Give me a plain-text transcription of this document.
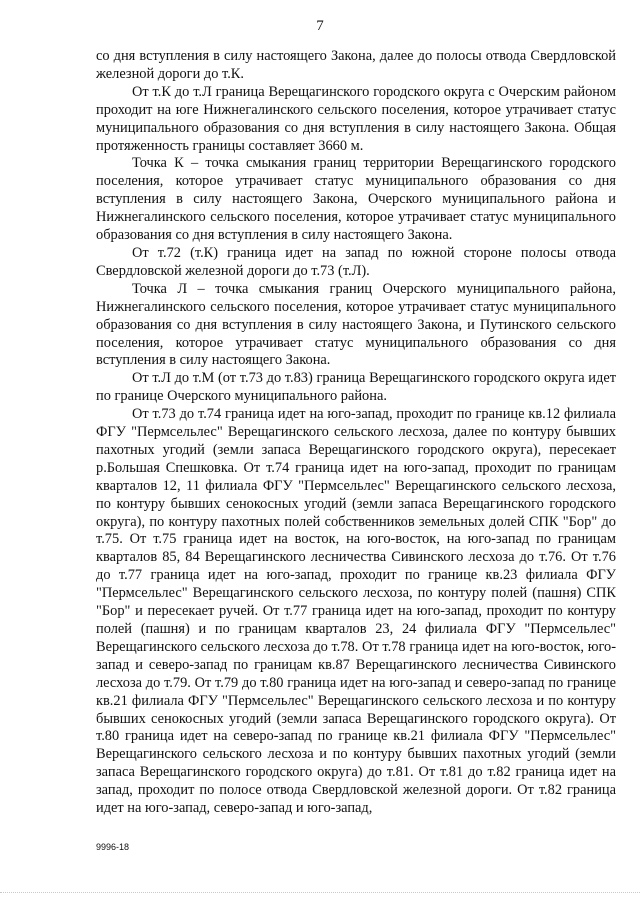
7

со дня вступления в силу настоящего Закона, далее до полосы отвода Свердловской железной дороги до т.К.

От т.К до т.Л граница Верещагинского городского округа с Очерским районом проходит на юге Нижнегалинского сельского поселения, которое утрачивает статус муниципального образования со дня вступления в силу настоящего Закона. Общая протяженность границы составляет 3660 м.

Точка К – точка смыкания границ территории Верещагинского городского поселения, которое утрачивает статус муниципального образования со дня вступления в силу настоящего Закона, Очерского муниципального района и Нижнегалинского сельского поселения, которое утрачивает статус муниципального образования со дня вступления в силу настоящего Закона.

От т.72 (т.К) граница идет на запад по южной стороне полосы отвода Свердловской железной дороги до т.73 (т.Л).

Точка Л – точка смыкания границ Очерского муниципального района, Нижнегалинского сельского поселения, которое утрачивает статус муниципального образования со дня вступления в силу настоящего Закона, и Путинского сельского поселения, которое утрачивает статус муниципального образования со дня вступления в силу настоящего Закона.

От т.Л до т.М (от т.73 до т.83) граница Верещагинского городского округа идет по границе Очерского муниципального района.

От т.73 до т.74 граница идет на юго-запад, проходит по границе кв.12 филиала ФГУ "Пермсельлес" Верещагинского сельского лесхоза, далее по контуру бывших пахотных угодий (земли запаса Верещагинского городского округа), пересекает р.Большая Спешковка. От т.74 граница идет на юго-запад, проходит по границам кварталов 12, 11 филиала ФГУ "Пермсельлес" Верещагинского сельского лесхоза, по контуру бывших сенокосных угодий (земли запаса Верещагинского городского округа), по контуру пахотных полей собственников земельных долей СПК "Бор" до т.75. От т.75 граница идет на восток, на юго-восток, на юго-запад по границам кварталов 85, 84 Верещагинского лесничества Сивинского лесхоза до т.76. От т.76 до т.77 граница идет на юго-запад, проходит по границе кв.23 филиала ФГУ "Пермсельлес" Верещагинского сельского лесхоза, по контуру полей (пашня) СПК "Бор" и пересекает ручей. От т.77 граница идет на юго-запад, проходит по контуру полей (пашня) и по границам кварталов 23, 24 филиала ФГУ "Пермсельлес" Верещагинского сельского лесхоза до т.78. От т.78 граница идет на юго-восток, юго-запад и северо-запад по границам кв.87 Верещагинского лесничества Сивинского лесхоза до т.79. От т.79 до т.80 граница идет на юго-запад и северо-запад по границе кв.21 филиала ФГУ "Пермсельлес" Верещагинского сельского лесхоза и по контуру бывших сенокосных угодий (земли запаса Верещагинского городского округа). От т.80 граница идет на северо-запад по границе кв.21 филиала ФГУ "Пермсельлес" Верещагинского сельского лесхоза и по контуру бывших пахотных угодий (земли запаса Верещагинского городского округа) до т.81. От т.81 до т.82 граница идет на запад, проходит по полосе отвода Свердловской железной дороги. От т.82 граница идет на юго-запад, северо-запад и юго-запад,

9996-18
